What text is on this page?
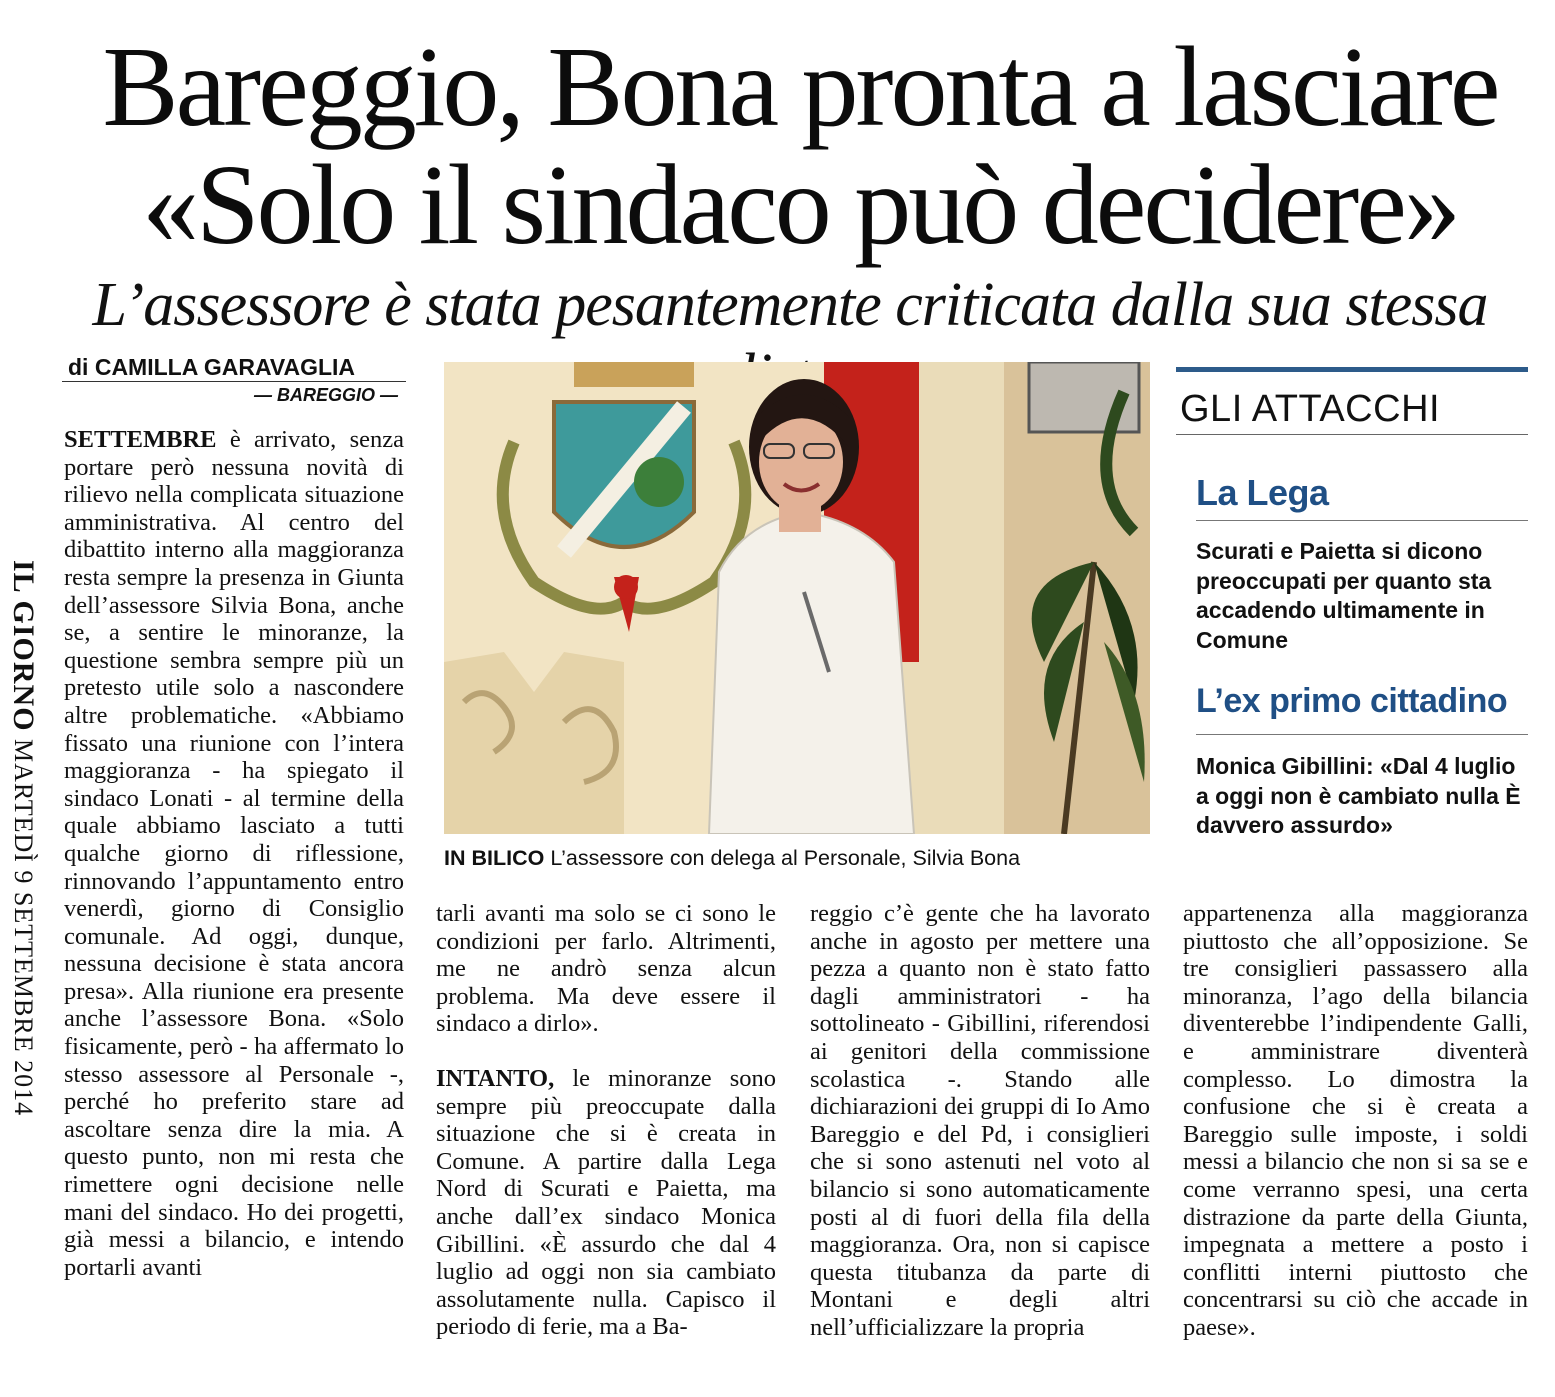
Bareggio, Bona pronta a lasciare
«Solo il sindaco può decidere»
L’assessore è stata pesantemente criticata dalla sua stessa
IL GIORNO MARTEDÌ 9 SETTEMBRE 2014
di CAMILLA GARAVAGLIA
— BAREGGIO —

SETTEMBRE è arrivato, senza portare però nessuna novità di rilievo nella complicata situazione amministrativa. Al centro del dibattito interno alla maggioranza resta sempre la presenza in Giunta dell’assessore Silvia Bona, anche se, a sentire le minoranze, la questione sembra sempre più un pretesto utile solo a nascondere altre problematiche. «Abbiamo fissato una riunione con l’intera maggioranza - ha spiegato il sindaco Lonati - al termine della quale abbiamo lasciato a tutti qualche giorno di riflessione, rinnovando l’appuntamento entro venerdì, giorno di Consiglio comunale. Ad oggi, dunque, nessuna decisione è stata ancora presa». Alla riunione era presente anche l’assessore Bona. «Solo fisicamente, però - ha affermato lo stesso assessore al Personale -, perché ho preferito stare ad ascoltare senza dire la mia. A questo punto, non mi resta che rimettere ogni decisione nelle mani del sindaco. Ho dei progetti, già messi a bilancio, e intendo portarli avanti

IN BILICO L’assessore con delega al Personale, Silvia Bona
GLI ATTACCHI
La Lega
Scurati e Paietta si dicono preoccupati per quanto sta accadendo ultimamente in Comune
L’ex primo cittadino
Monica Gibillini: «Dal 4 luglio a oggi non è cambiato nulla È davvero assurdo»

tarli avanti ma solo se ci sono le condizioni per farlo. Altrimenti, me ne andrò senza alcun problema. Ma deve essere il sindaco a dirlo».

INTANTO, le minoranze sono sempre più preoccupate dalla situazione che si è creata in Comune. A partire dalla Lega Nord di Scurati e Paietta, ma anche dall’ex sindaco Monica Gibillini. «È assurdo che dal 4 luglio ad oggi non sia cambiato assolutamente nulla. Capisco il periodo di ferie, ma a Ba-

reggio c’è gente che ha lavorato anche in agosto per mettere una pezza a quanto non è stato fatto dagli amministratori - ha sottolineato - Gibillini, riferendosi ai genitori della commissione scolastica -. Stando alle dichiarazioni dei gruppi di Io Amo Bareggio e del Pd, i consiglieri che si sono astenuti nel voto al bilancio si sono automaticamente posti al di fuori della fila della maggioranza. Ora, non si capisce questa titubanza da parte di Montani e degli altri nell’ufficializzare la propria

appartenenza alla maggioranza piuttosto che all’opposizione. Se tre consiglieri passassero alla minoranza, l’ago della bilancia diventerebbe l’indipendente Galli, e amministrare diventerà complesso. Lo dimostra la confusione che si è creata a Bareggio sulle imposte, i soldi messi a bilancio che non si sa se e come verranno spesi, una certa distrazione da parte della Giunta, impegnata a mettere a posto i conflitti interni piuttosto che concentrarsi su ciò che accade in paese».
